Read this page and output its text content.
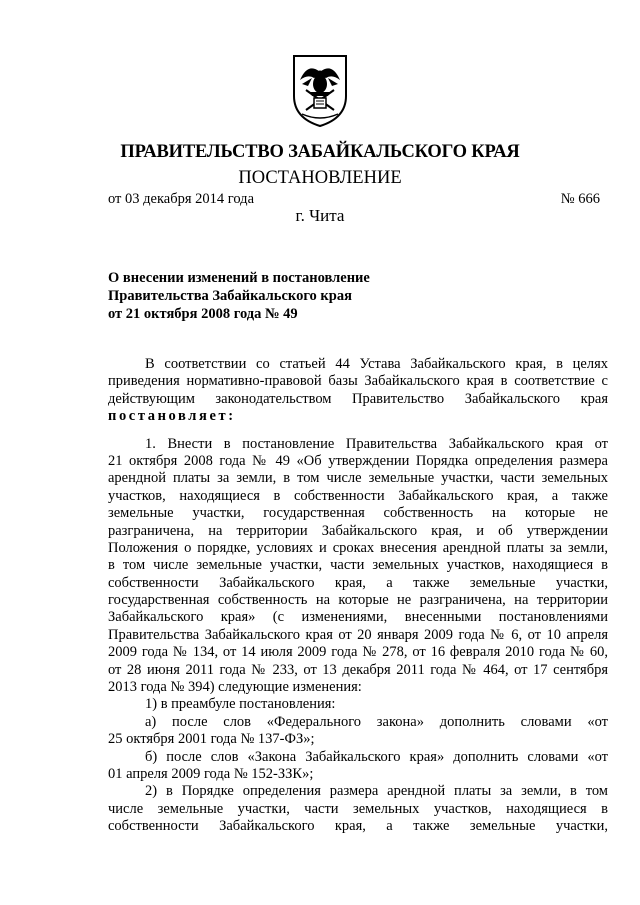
ПРАВИТЕЛЬСТВО ЗАБАЙКАЛЬСКОГО КРАЯ
ПОСТАНОВЛЕНИЕ
от 03 декабря 2014 года	№ 666
г. Чита
О внесении изменений в постановление
Правительства Забайкальского края
от 21 октября 2008 года № 49
В соответствии со статьей 44 Устава Забайкальского края, в целях
приведения нормативно-правовой базы Забайкальского края в соответствие с
действующим законодательством Правительство Забайкальского края
постановляет:
1. Внести в постановление Правительства Забайкальского края от
21 октября 2008 года № 49 «Об утверждении Порядка определения размера
арендной платы за земли, в том числе земельные участки, части земельных
участков, находящиеся в собственности Забайкальского края, а также
земельные участки, государственная собственность на которые не
разграничена, на территории Забайкальского края, и об утверждении
Положения о порядке, условиях и сроках внесения арендной платы за земли,
в том числе земельные участки, части земельных участков, находящиеся в
собственности Забайкальского края, а также земельные участки,
государственная собственность на которые не разграничена, на территории
Забайкальского края» (с изменениями, внесенными постановлениями
Правительства Забайкальского края от 20 января 2009 года № 6, от 10 апреля
2009 года № 134, от 14 июля 2009 года № 278, от 16 февраля 2010 года № 60,
от 28 июня 2011 года № 233, от 13 декабря 2011 года № 464, от 17 сентября
2013 года № 394) следующие изменения:
1) в преамбуле постановления:
а) после слов «Федерального закона» дополнить словами «от
25 октября 2001 года № 137-ФЗ»;
б) после слов «Закона Забайкальского края» дополнить словами «от
01 апреля 2009 года № 152-ЗЗК»;
2) в Порядке определения размера арендной платы за земли, в том
числе земельные участки, части земельных участков, находящиеся в
собственности Забайкальского края, а также земельные участки,
